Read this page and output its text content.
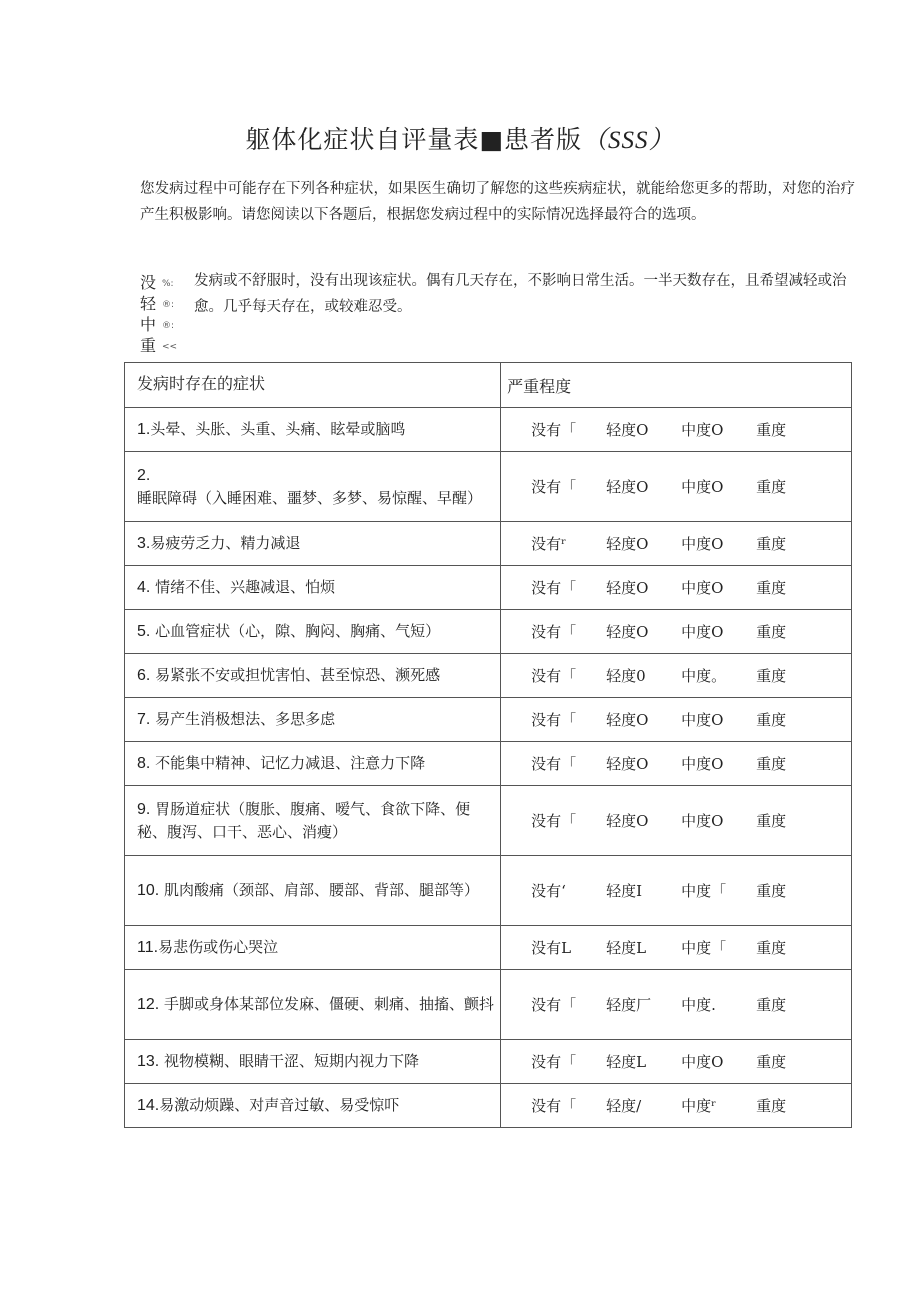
躯体化症状自评量表■患者版（SSS）
您发病过程中可能存在下列各种症状，如果医生确切了解您的这些疾病症状，就能给您更多的帮助，对您的治疗产生积极影响。请您阅读以下各题后，根据您发病过程中的实际情况选择最符合的选项。
没
轻
中
重
%:
®:
®:
<<
发病或不舒服时，没有出现该症状。偶有几天存在，不影响日常生活。一半天数存在，且希望减轻或治愈。几乎每天存在，或较难忍受。
发病时存在的症状	严重程度
1.头晕、头胀、头重、头痛、眩晕或脑鸣	没有「 轻度O 中度O 重度

2. 睡眠障碍（入睡困难、噩梦、多梦、易惊醒、早醒）	没有「 轻度O 中度O 重度

3.易疲劳乏力、精力减退	没有ʳ 轻度O 中度O 重度

4. 情绪不佳、兴趣减退、怕烦	没有「 轻度O 中度O 重度

5. 心血管症状（心，隙、胸闷、胸痛、气短）	没有「 轻度O 中度O 重度

6. 易紧张不安或担忧害怕、甚至惊恐、濒死感	没有「 轻度0 中度。 重度

7. 易产生消极想法、多思多虑	没有「 轻度O 中度O 重度

8. 不能集中精神、记忆力减退、注意力下降	没有「 轻度O 中度O 重度

9. 胃肠道症状（腹胀、腹痛、嗳气、食欲下降、便秘、腹泻、口干、恶心、消瘦）	没有「 轻度O 中度O 重度

10. 肌肉酸痛（颈部、肩部、腰部、背部、腿部等）	没有‘ 轻度I 中度「 重度

11.易悲伤或伤心哭泣	没有L 轻度L 中度「 重度

12. 手脚或身体某部位发麻、僵硬、刺痛、抽搐、颤抖	没有「 轻度厂 中度. 重度

13. 视物模糊、眼睛干涩、短期内视力下降	没有「 轻度L 中度O 重度

14.易激动烦躁、对声音过敏、易受惊吓	没有「 轻度/ 中度ʳ 重度
